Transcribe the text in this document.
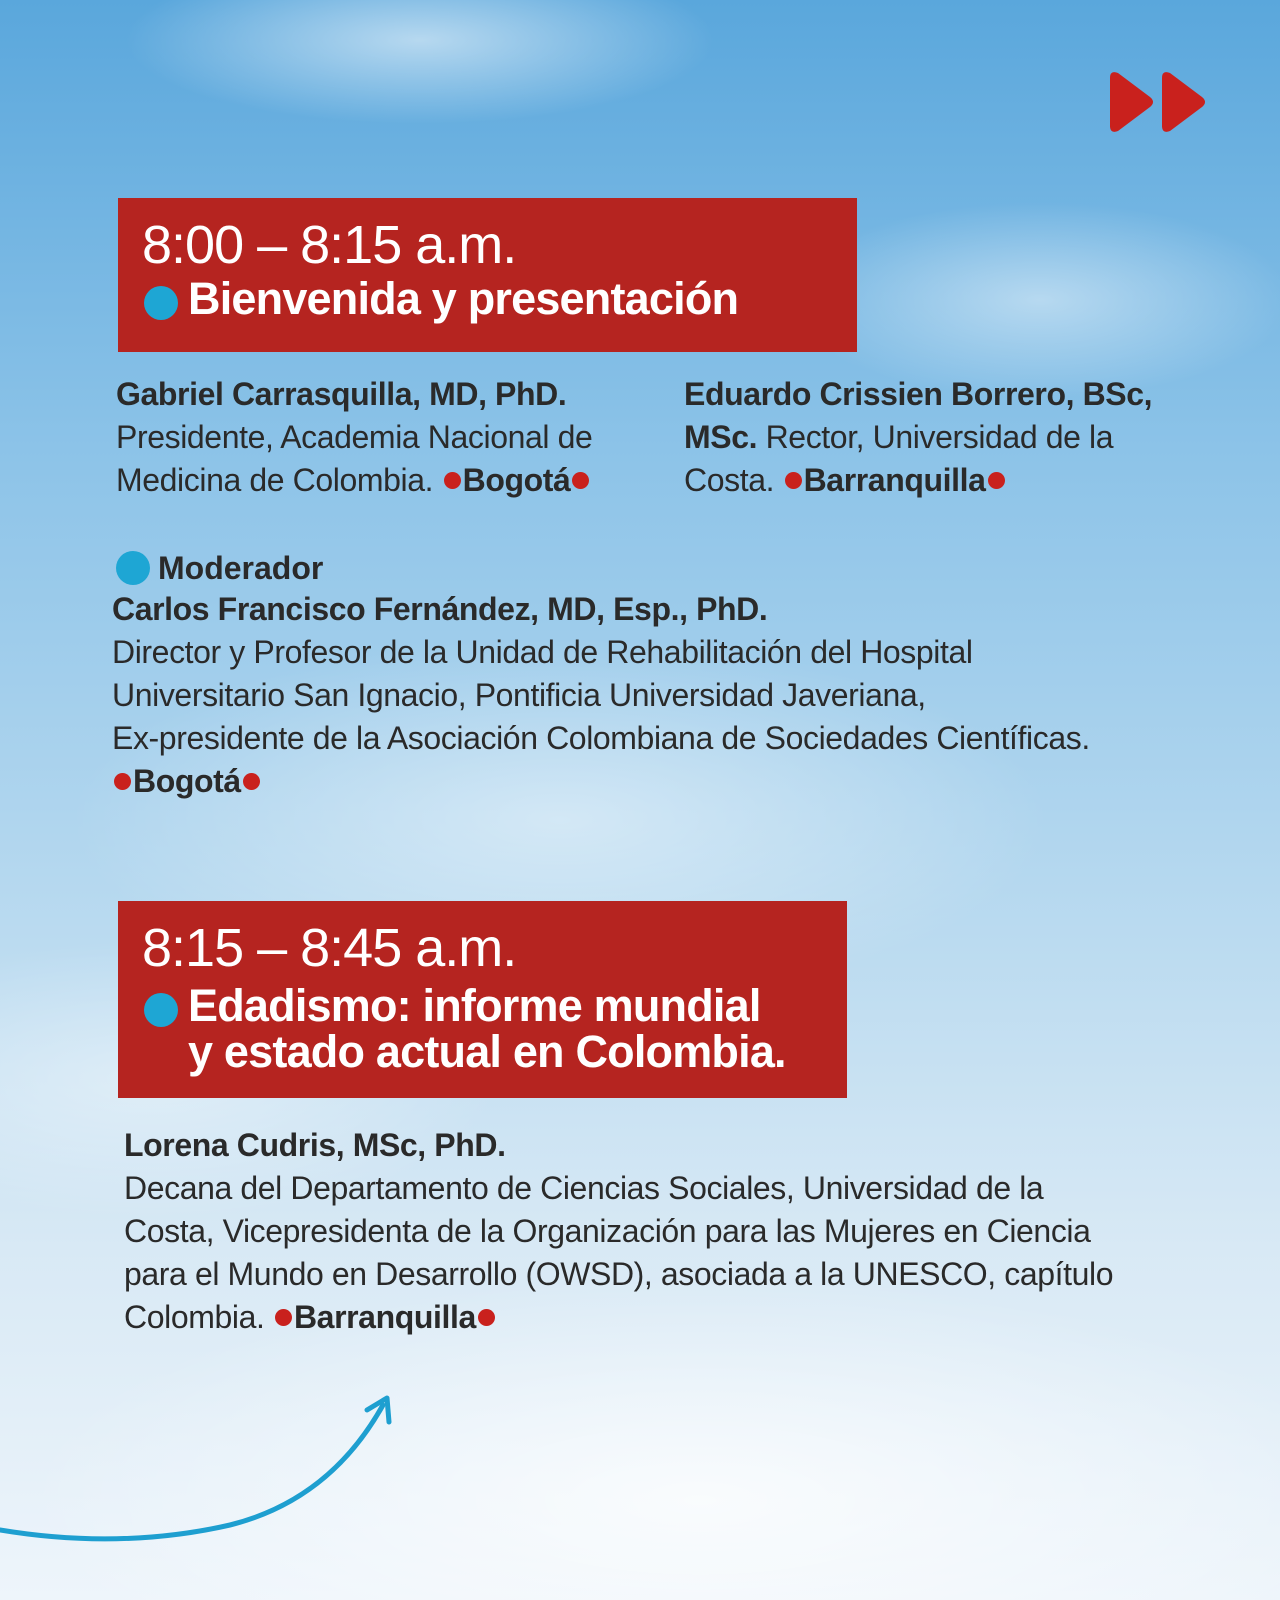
8:00 – 8:15 a.m.
Bienvenida y presentación
Gabriel Carrasquilla, MD, PhD.
Presidente, Academia Nacional de Medicina de Colombia. Bogotá
Eduardo Crissien Borrero, BSc, MSc. Rector, Universidad de la Costa. Barranquilla
Moderador
Carlos Francisco Fernández, MD, Esp., PhD.
Director y Profesor de la Unidad de Rehabilitación del Hospital
Universitario San Ignacio, Pontificia Universidad Javeriana,
Ex-presidente de la Asociación Colombiana de Sociedades Científicas.
Bogotá
8:15 – 8:45 a.m.
Edadismo: informe mundial
y estado actual en Colombia.
Lorena Cudris, MSc, PhD.
Decana del Departamento de Ciencias Sociales, Universidad de la
Costa, Vicepresidenta de la Organización para las Mujeres en Ciencia
para el Mundo en Desarrollo (OWSD), asociada a la UNESCO, capítulo
Colombia. Barranquilla
